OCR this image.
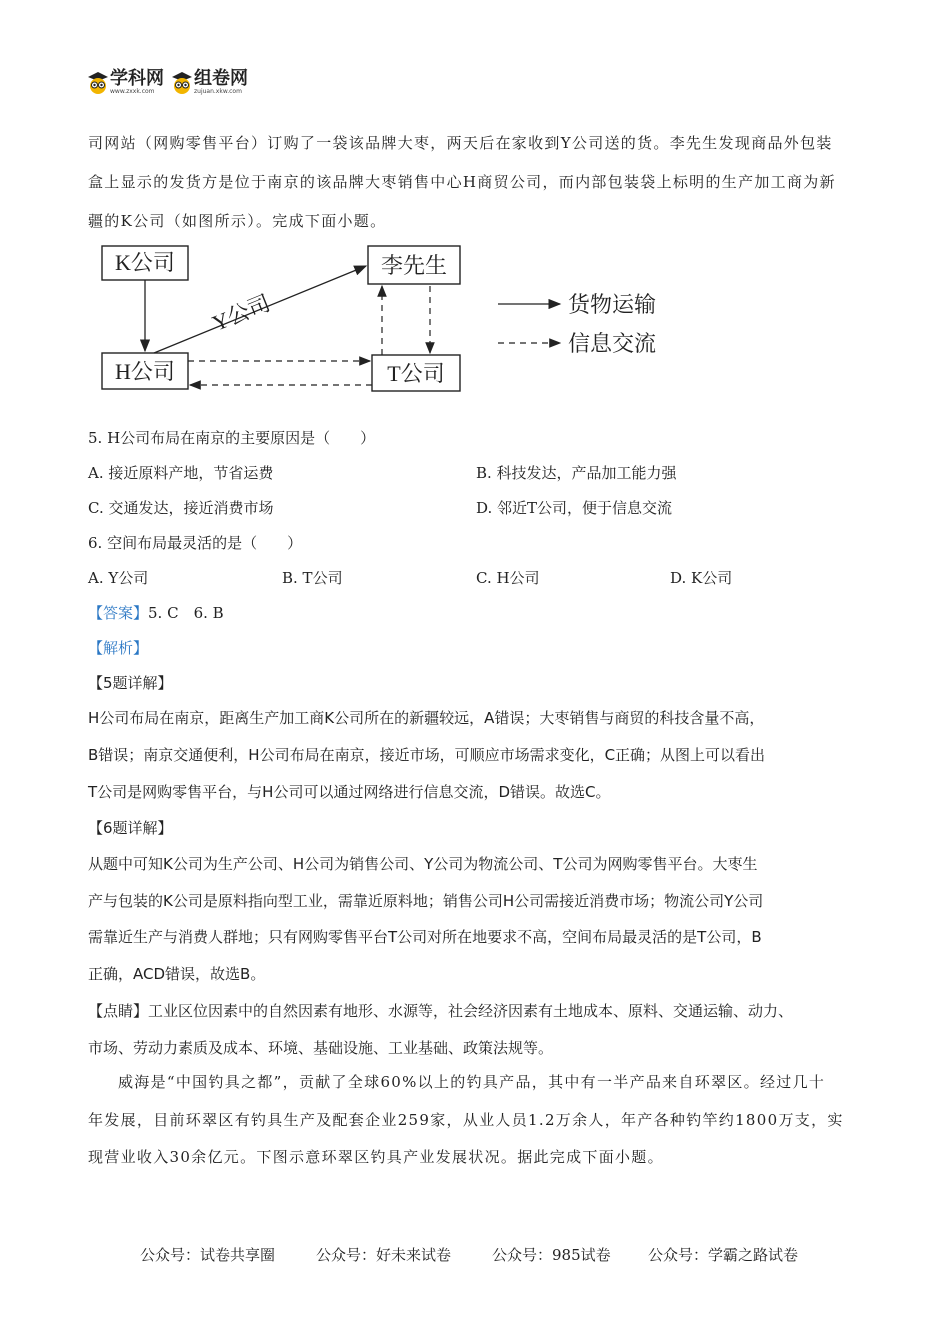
学科网
www.zxxk.com
组卷网
zujuan.xkw.com
司网站（网购零售平台）订购了一袋该品牌大枣，两天后在家收到Y公司送的货。李先生发现商品外包装
盒上显示的发货方是位于南京的该品牌大枣销售中心H商贸公司，而内部包装袋上标明的生产加工商为新
疆的K公司（如图所示）。完成下面小题。
K公司	李先生
H公司	T公司
Y公司	货物运输
信息交流
5. H公司布局在南京的主要原因是（　　）
A. 接近原料产地，节省运费	B. 科技发达，产品加工能力强
C. 交通发达，接近消费市场	D. 邻近T公司，便于信息交流
6. 空间布局最灵活的是（　　）
A. Y公司	B. T公司	C. H公司	D. K公司
【答案】5. C　6. B
【解析】
【5题详解】
H公司布局在南京，距离生产加工商K公司所在的新疆较远，A错误；大枣销售与商贸的科技含量不高，
B错误；南京交通便利，H公司布局在南京，接近市场，可顺应市场需求变化，C正确；从图上可以看出
T公司是网购零售平台，与H公司可以通过网络进行信息交流，D错误。故选C。
【6题详解】
从题中可知K公司为生产公司、H公司为销售公司、Y公司为物流公司、T公司为网购零售平台。大枣生
产与包装的K公司是原料指向型工业，需靠近原料地；销售公司H公司需接近消费市场；物流公司Y公司
需靠近生产与消费人群地；只有网购零售平台T公司对所在地要求不高，空间布局最灵活的是T公司，B
正确，ACD错误，故选B。
【点睛】工业区位因素中的自然因素有地形、水源等，社会经济因素有土地成本、原料、交通运输、动力、
市场、劳动力素质及成本、环境、基础设施、工业基础、政策法规等。
威海是“中国钓具之都”，贡献了全球60%以上的钓具产品，其中有一半产品来自环翠区。经过几十
年发展，目前环翠区有钓具生产及配套企业259家，从业人员1.2万余人，年产各种钓竿约1800万支，实
现营业收入30余亿元。下图示意环翠区钓具产业发展状况。据此完成下面小题。
公众号：试卷共享圈	公众号：好未来试卷	公众号：985试卷 公众号：学霸之路试卷
